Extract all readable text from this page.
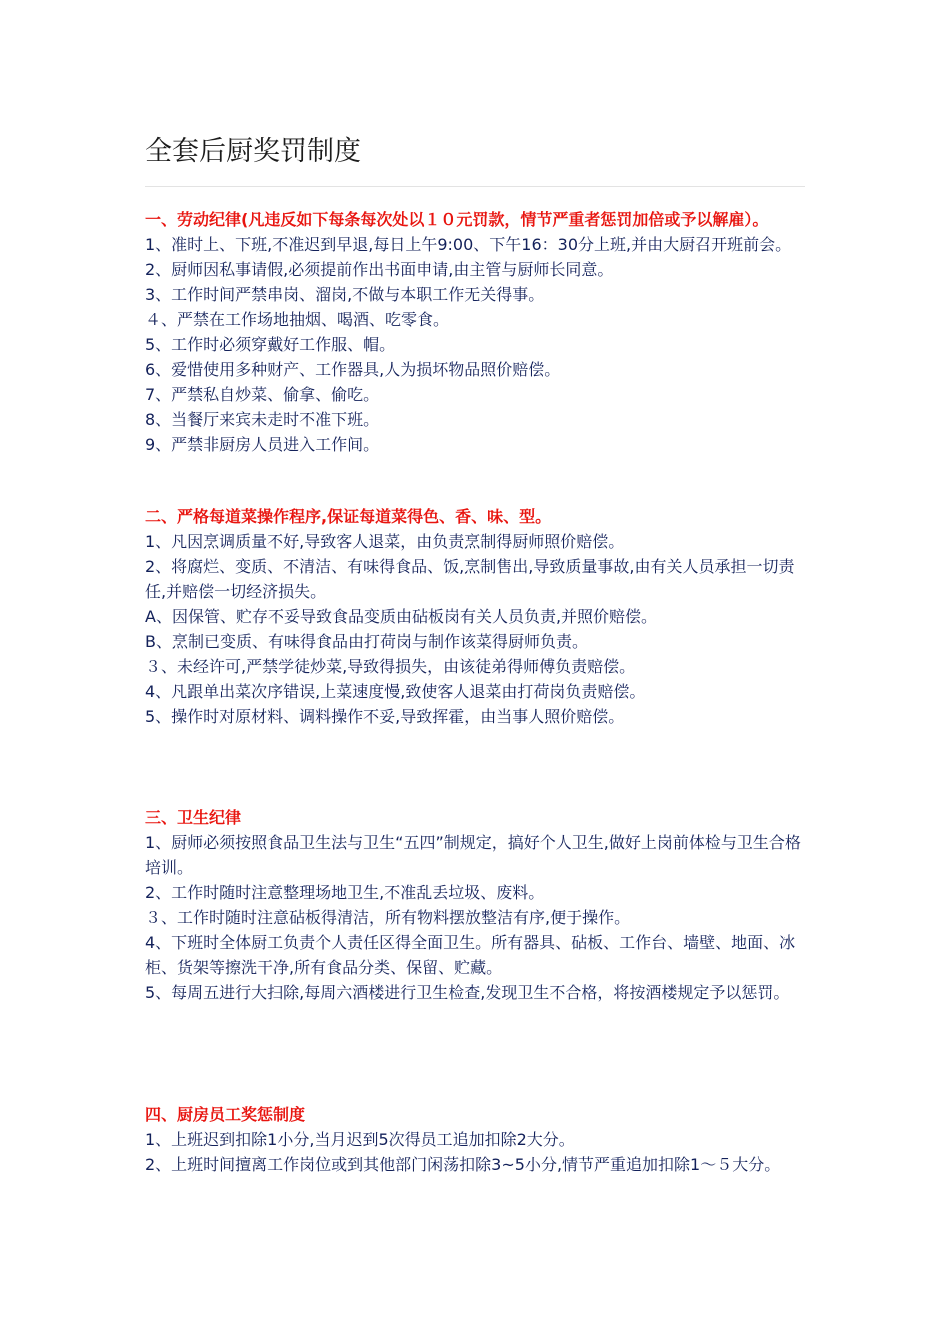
全套后厨奖罚制度

一、劳动纪律(凡违反如下每条每次处以１０元罚款，情节严重者惩罚加倍或予以解雇）。

1、准时上、下班,不准迟到早退,每日上午9:00、下午16：30分上班,并由大厨召开班前会。

2、厨师因私事请假,必须提前作出书面申请,由主管与厨师长同意。

3、工作时间严禁串岗、溜岗,不做与本职工作无关得事。

４、严禁在工作场地抽烟、喝酒、吃零食。

5、工作时必须穿戴好工作服、帽。

6、爱惜使用多种财产、工作器具,人为损坏物品照价赔偿。

7、严禁私自炒菜、偷拿、偷吃。

8、当餐厅来宾未走时不准下班。

9、严禁非厨房人员进入工作间。

二、严格每道菜操作程序,保证每道菜得色、香、味、型。

1、凡因烹调质量不好,导致客人退菜，由负责烹制得厨师照价赔偿。

2、将腐烂、变质、不清洁、有味得食品、饭,烹制售出,导致质量事故,由有关人员承担一切责任,并赔偿一切经济损失。

A、因保管、贮存不妥导致食品变质由砧板岗有关人员负责,并照价赔偿。

B、烹制已变质、有味得食品由打荷岗与制作该菜得厨师负责。

３、未经许可,严禁学徒炒菜,导致得损失，由该徒弟得师傅负责赔偿。

4、凡跟单出菜次序错误,上菜速度慢,致使客人退菜由打荷岗负责赔偿。

5、操作时对原材料、调料操作不妥,导致挥霍，由当事人照价赔偿。

三、卫生纪律

1、厨师必须按照食品卫生法与卫生“五四”制规定，搞好个人卫生,做好上岗前体检与卫生合格培训。

2、工作时随时注意整理场地卫生,不准乱丢垃圾、废料。

３、工作时随时注意砧板得清洁，所有物料摆放整洁有序,便于操作。

4、下班时全体厨工负责个人责任区得全面卫生。所有器具、砧板、工作台、墙壁、地面、冰柜、货架等擦洗干净,所有食品分类、保留、贮藏。

5、每周五进行大扫除,每周六酒楼进行卫生检查,发现卫生不合格，将按酒楼规定予以惩罚。

四、厨房员工奖惩制度

1、上班迟到扣除1小分,当月迟到5次得员工追加扣除2大分。

2、上班时间擅离工作岗位或到其他部门闲荡扣除3~5小分,情节严重追加扣除1～５大分。
